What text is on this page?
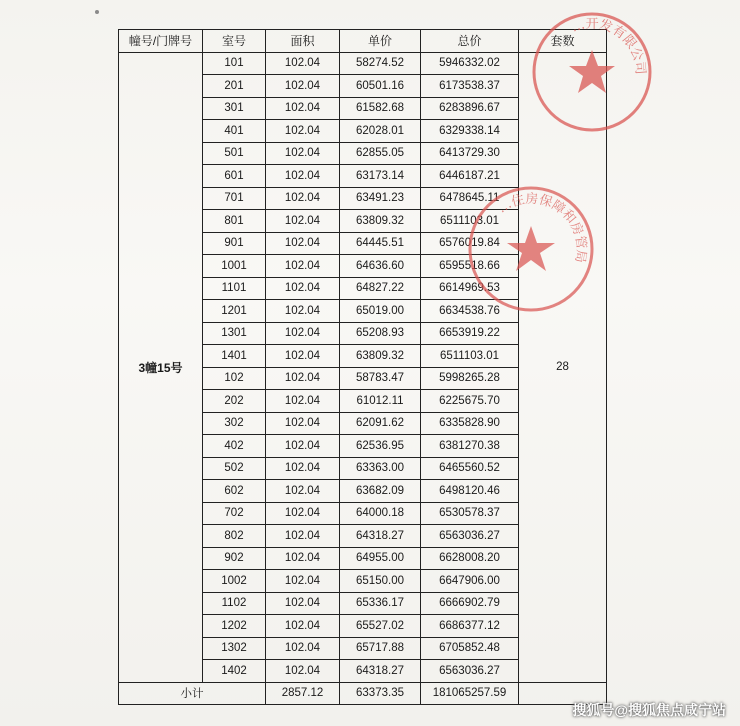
幢号/门牌号	室号	面积	单价	总价	套数
3幢15号	101	102.04	58274.52	5946332.02	28
	201	102.04	60501.16	6173538.37	
	301	102.04	61582.68	6283896.67	
	401	102.04	62028.01	6329338.14	
	501	102.04	62855.05	6413729.30	
	601	102.04	63173.14	6446187.21	
	701	102.04	63491.23	6478645.11	
	801	102.04	63809.32	6511103.01	
	901	102.04	64445.51	6576019.84	
	1001	102.04	64636.60	6595518.66	
	1101	102.04	64827.22	6614969.53	
	1201	102.04	65019.00	6634538.76	
	1301	102.04	65208.93	6653919.22	
	1401	102.04	63809.32	6511103.01	
	102	102.04	58783.47	5998265.28	
	202	102.04	61012.11	6225675.70	
	302	102.04	62091.62	6335828.90	
	402	102.04	62536.95	6381270.38	
	502	102.04	63363.00	6465560.52	
	602	102.04	63682.09	6498120.46	
	702	102.04	64000.18	6530578.37	
	802	102.04	64318.27	6563036.27	
	902	102.04	64955.00	6628008.20	
	1002	102.04	65150.00	6647906.00	
	1102	102.04	65336.17	6666902.79	
	1202	102.04	65527.02	6686377.12	
	1302	102.04	65717.88	6705852.48	
	1402	102.04	64318.27	6563036.27	
小计		2857.12	63373.35	181065257.59	
…开发有限公司
…住房保障和房管局
搜狐号@搜狐焦点咸宁站
